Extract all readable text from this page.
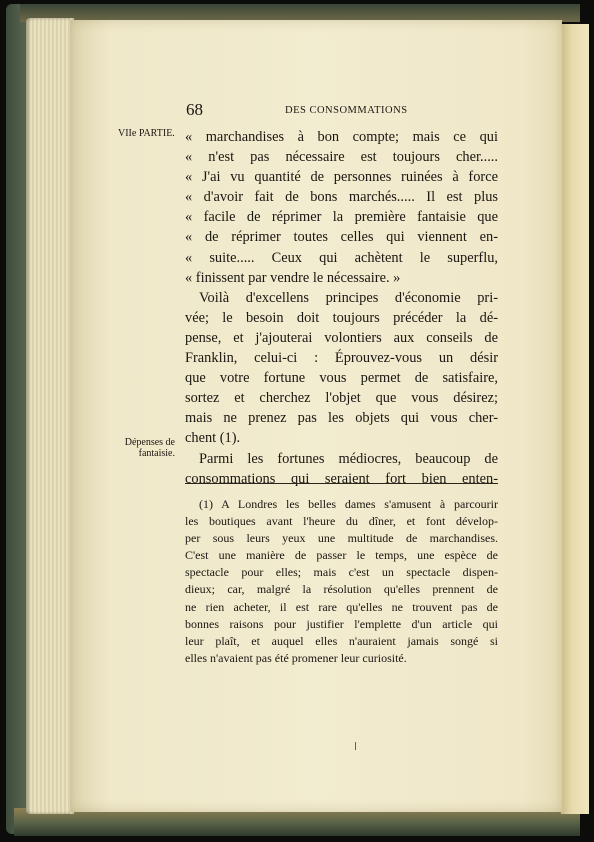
68	DES CONSOMMATIONS
VIIe PARTIE.
Dépenses de
fantaisie.
« marchandises à bon compte; mais ce qui
« n'est pas nécessaire est toujours cher.....
« J'ai vu quantité de personnes ruinées à force
« d'avoir fait de bons marchés..... Il est plus
« facile de réprimer la première fantaisie que
« de réprimer toutes celles qui viennent en-
« suite..... Ceux qui achètent le superflu,
« finissent par vendre le nécessaire. »
Voilà d'excellens principes d'économie pri-
vée; le besoin doit toujours précéder la dé-
pense, et j'ajouterai volontiers aux conseils de
Franklin, celui-ci : Éprouvez-vous un désir
que votre fortune vous permet de satisfaire,
sortez et cherchez l'objet que vous désirez;
mais ne prenez pas les objets qui vous cher-
chent (1).
Parmi les fortunes médiocres, beaucoup de
consommations qui seraient fort bien enten-
(1) A Londres les belles dames s'amusent à parcourir
les boutiques avant l'heure du dîner, et font dévelop-
per sous leurs yeux une multitude de marchandises.
C'est une manière de passer le temps, une espèce de
spectacle pour elles; mais c'est un spectacle dispen-
dieux; car, malgré la résolution qu'elles prennent de
ne rien acheter, il est rare qu'elles ne trouvent pas de
bonnes raisons pour justifier l'emplette d'un article qui
leur plaît, et auquel elles n'auraient jamais songé si
elles n'avaient pas été promener leur curiosité.
